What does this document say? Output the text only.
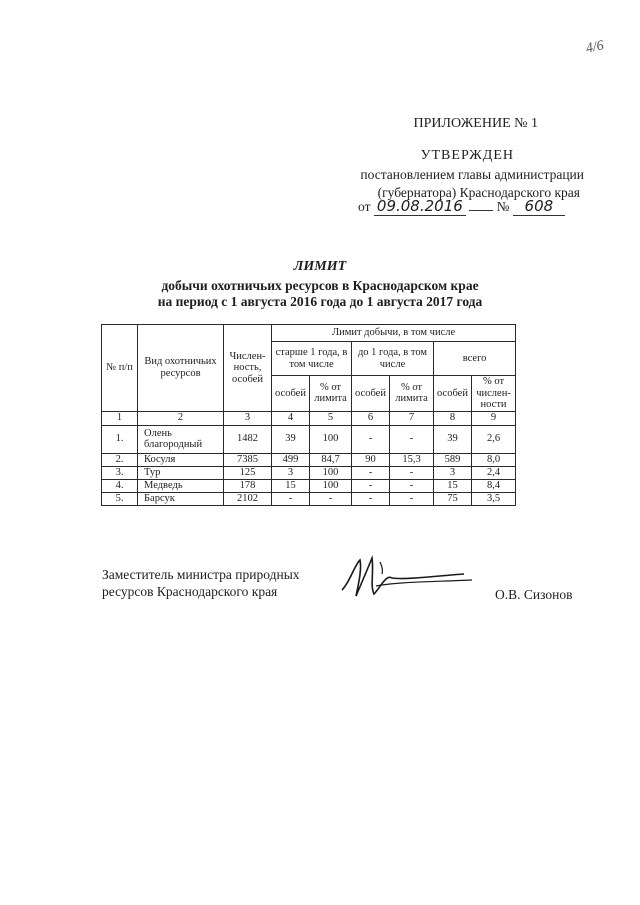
4/6
ПРИЛОЖЕНИЕ № 1
УТВЕРЖДЕН
постановлением главы администрации
(губернатора) Краснодарского края
от 09.08.2016	№ 608
ЛИМИТ
добычи охотничьих ресурсов в Краснодарском крае
на период с 1 августа 2016 года до 1 августа 2017 года
№ п/п	Вид охотничьих ресурсов	Числен-ность, особей	Лимит добычи, в том числе					
			старше 1 года, в том числе		до 1 года, в том числе		всего	
			особей	% от лимита	особей	% от лимита	особей	% от числен-ности
1	2	3	4	5	6	7	8	9
1.	Олень благородный	1482	39	100	-	-	39	2,6
2.	Косуля	7385	499	84,7	90	15,3	589	8,0
3.	Тур	125	3	100	-	-	3	2,4
4.	Медведь	178	15	100	-	-	15	8,4
5.	Барсук	2102	-	-	-	-	75	3,5
Заместитель министра природных
ресурсов Краснодарского края	О.В. Сизонов
